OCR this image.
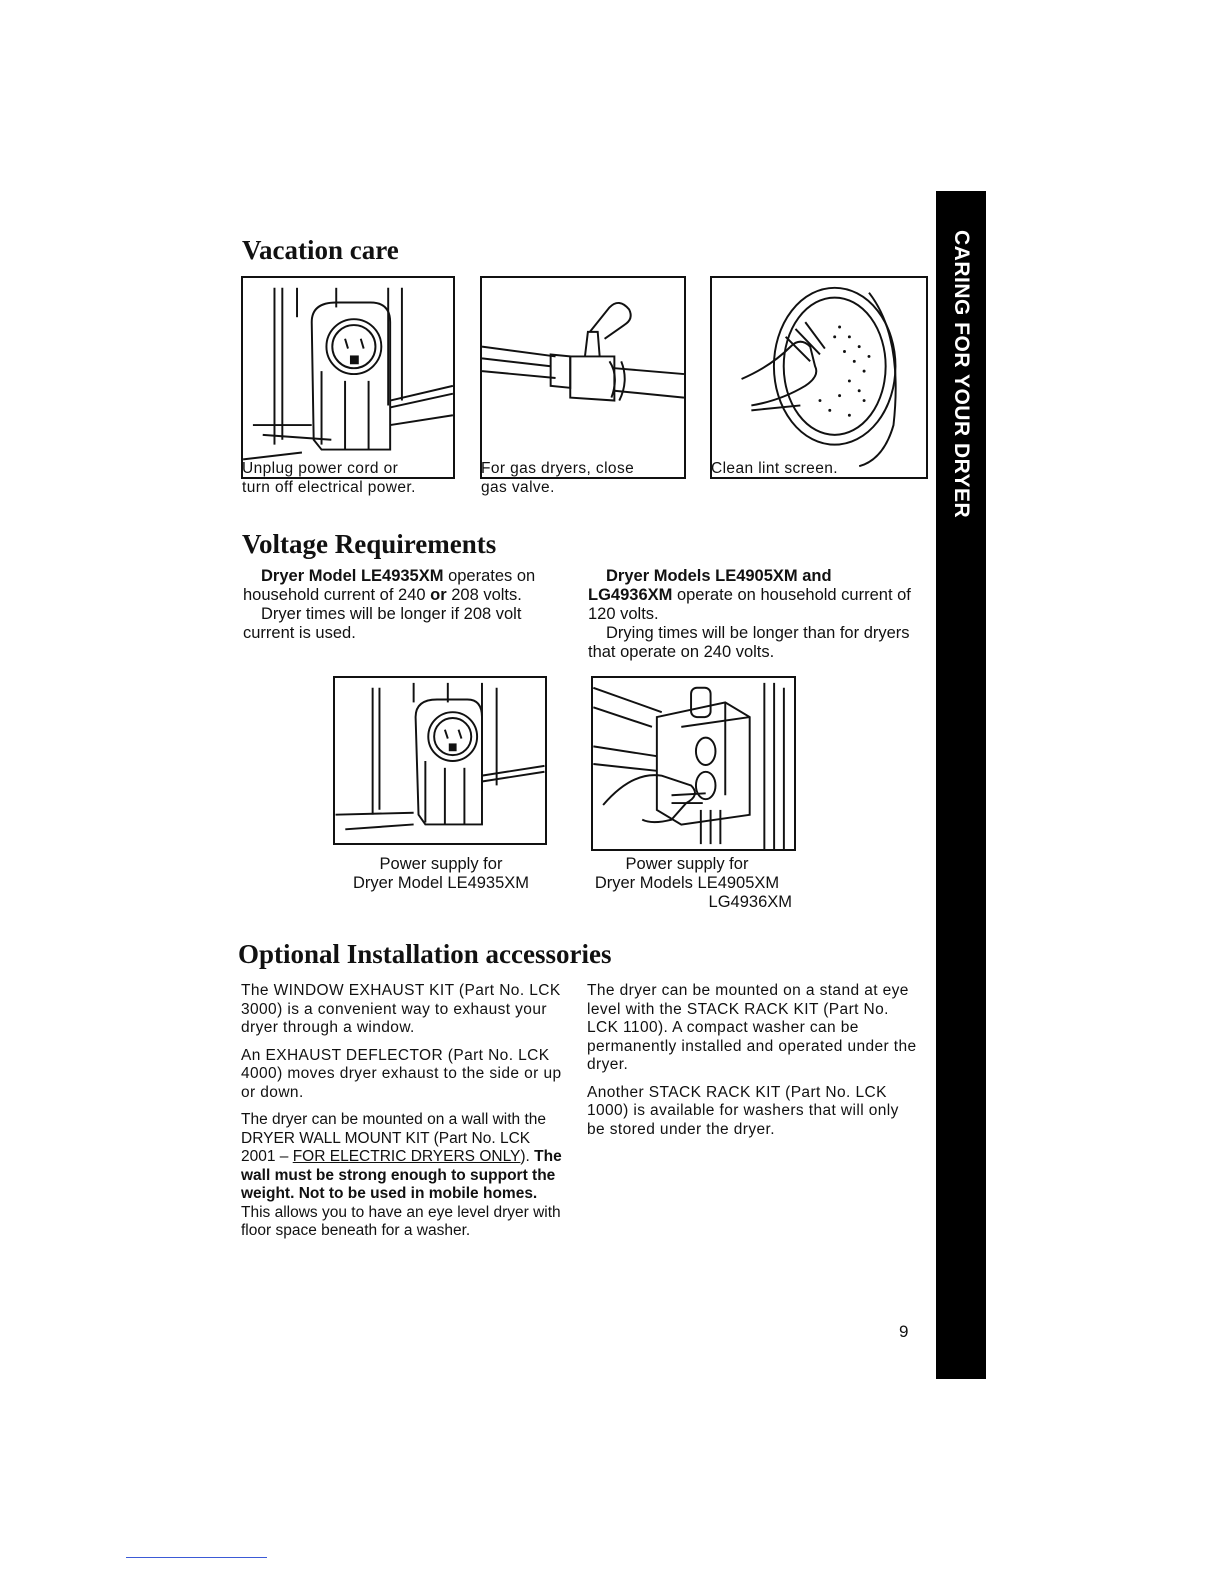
CARING FOR YOUR DRYER
Vacation care
Unplug power cord or
turn off electrical power.
For gas dryers, close
gas valve.
Clean lint screen.
Voltage Requirements

Dryer Model LE4935XM operates on household current of 240 or 208 volts.

Dryer times will be longer if 208 volt current is used.

Dryer Models LE4905XM and LG4936XM operate on household current of 120 volts.

Drying times will be longer than for dryers that operate on 240 volts.

Power supply for
Dryer Model LE4935XM
Power supply for
Dryer Models LE4905XM
LG4936XM
Optional Installation accessories

The WINDOW EXHAUST KIT (Part No. LCK 3000) is a convenient way to exhaust your dryer through a window.

An EXHAUST DEFLECTOR (Part No. LCK 4000) moves dryer exhaust to the side or up or down.

The dryer can be mounted on a wall with the DRYER WALL MOUNT KIT (Part No. LCK 2001 – FOR ELECTRIC DRYERS ONLY). The wall must be strong enough to support the weight. Not to be used in mobile homes. This allows you to have an eye level dryer with floor space beneath for a washer.

The dryer can be mounted on a stand at eye level with the STACK RACK KIT (Part No. LCK 1100). A compact washer can be permanently installed and operated under the dryer.

Another STACK RACK KIT (Part No. LCK 1000) is available for washers that will only be stored under the dryer.

9
